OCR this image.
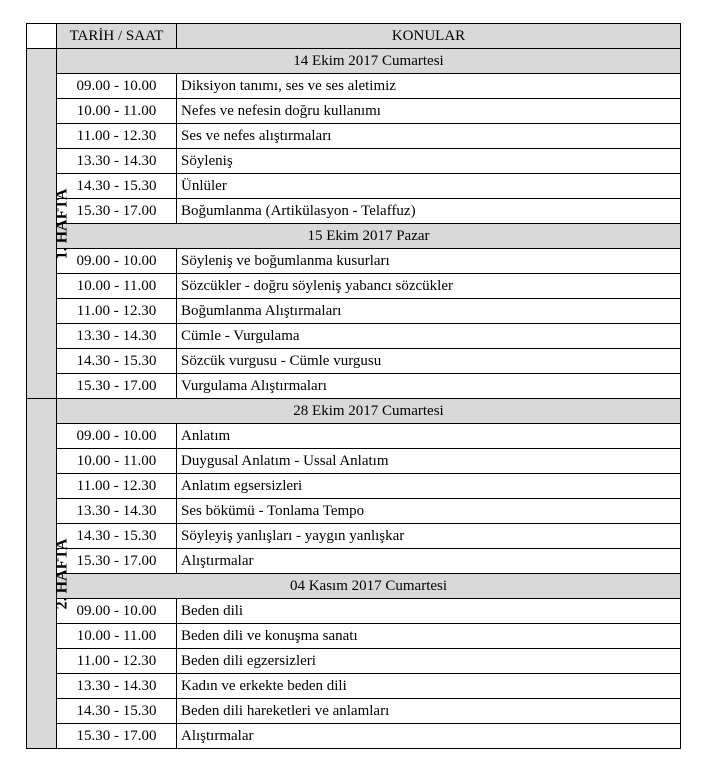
	TARİH / SAAT	KONULAR
1. HAFTA	14 Ekim 2017 Cumartesi	
	09.00 - 10.00	Diksiyon tanımı, ses ve ses aletimiz
	10.00 - 11.00	Nefes ve nefesin doğru kullanımı
	11.00 - 12.30	Ses ve nefes alıştırmaları
	13.30 - 14.30	Söyleniş
	14.30 - 15.30	Ünlüler
	15.30 - 17.00	Boğumlanma (Artikülasyon - Telaffuz)
	15 Ekim 2017 Pazar	
	09.00 - 10.00	Söyleniş ve boğumlanma kusurları
	10.00 - 11.00	Sözcükler - doğru söyleniş yabancı sözcükler
	11.00 - 12.30	Boğumlanma Alıştırmaları
	13.30 - 14.30	Cümle - Vurgulama
	14.30 - 15.30	Sözcük vurgusu - Cümle vurgusu
	15.30 - 17.00	Vurgulama Alıştırmaları
2. HAFTA	28 Ekim 2017 Cumartesi	
	09.00 - 10.00	Anlatım
	10.00 - 11.00	Duygusal Anlatım - Ussal Anlatım
	11.00 - 12.30	Anlatım egsersizleri
	13.30 - 14.30	Ses bökümü - Tonlama Tempo
	14.30 - 15.30	Söyleyiş yanlışları - yaygın yanlışkar
	15.30 - 17.00	Alıştırmalar
	04 Kasım 2017 Cumartesi	
	09.00 - 10.00	Beden dili
	10.00 - 11.00	Beden dili ve konuşma sanatı
	11.00 - 12.30	Beden dili egzersizleri
	13.30 - 14.30	Kadın ve erkekte beden dili
	14.30 - 15.30	Beden dili hareketleri ve anlamları
	15.30 - 17.00	Alıştırmalar
